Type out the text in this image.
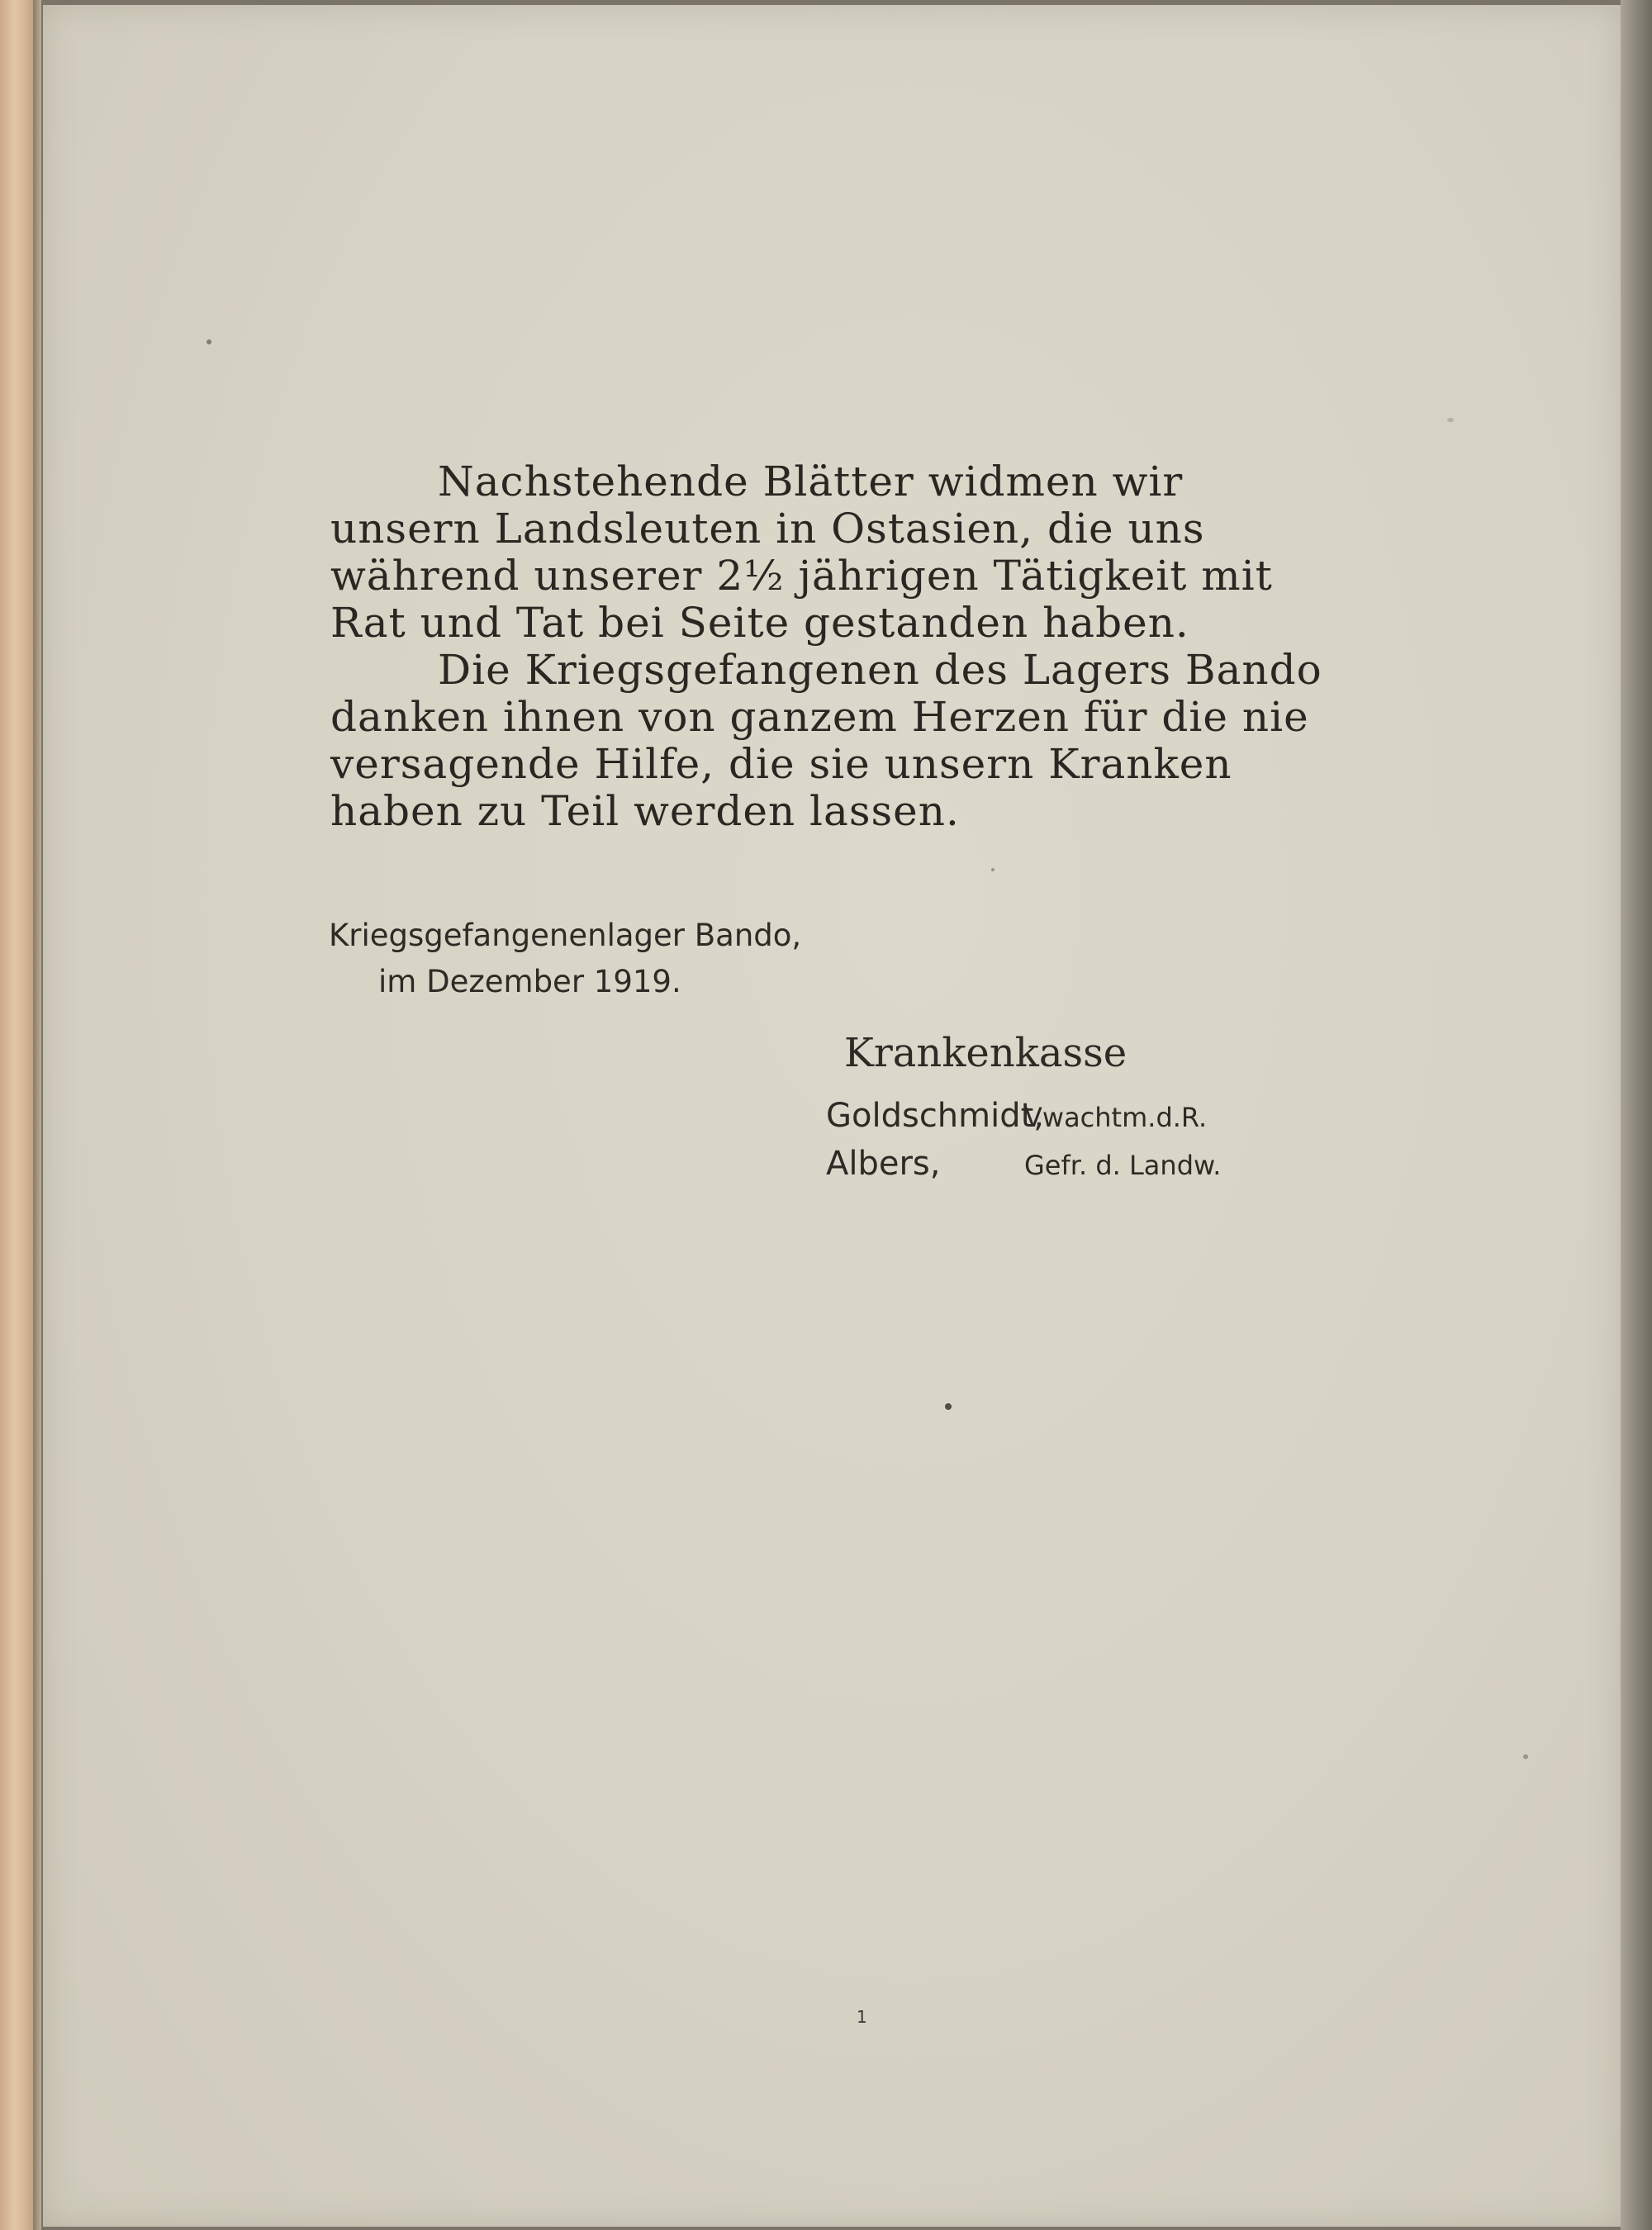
Nachstehende Blätter widmen wir unsern Landsleuten in Ostasien, die uns während unserer 2½ jährigen Tätigkeit mit Rat und Tat bei Seite gestanden haben.

Die Kriegsgefangenen des Lagers Bando danken ihnen von ganzem Herzen für die nie versagende Hilfe, die sie unsern Kranken haben zu Teil werden lassen.

Kriegsgefangenenlager Bando,
im Dezember 1919.
Krankenkasse
Goldschmidt,
Vwachtm.d.R.
Albers,	Gefr. d. Landw.
1
